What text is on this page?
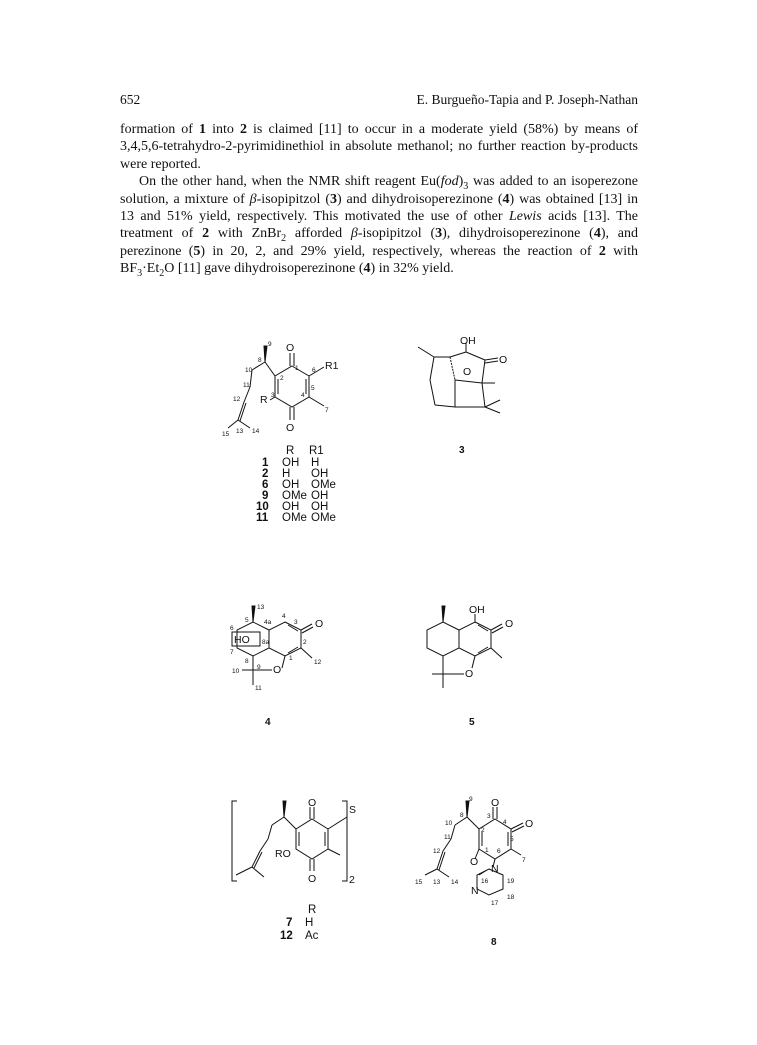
652	E. Burgueño-Tapia and P. Joseph-Nathan

formation of 1 into 2 is claimed [11] to occur in a moderate yield (58%) by means of 3,4,5,6-tetrahydro-2-pyrimidinethiol in absolute methanol; no further reaction by-products were reported.

On the other hand, when the NMR shift reagent $Eu(fod)_3$ was added to an isoperezone solution, a mixture of β-isopipitzol (3) and dihydroisoperezinone (4) was obtained [13] in 13 and 51% yield, respectively. This motivated the use of other Lewis acids [13]. The treatment of 2 with ZnBr$_2$ afforded β-isopipitzol (3), dihydroisoperezinone (4), and perezinone (5) in 20, 2, and 29% yield, respectively, whereas the reaction of 2 with $BF_3\cdot Et_2O$ [11] gave dihydroisoperezinone (4) in 32% yield.

O
O
R
R1
9
8
10	1 6
2
11
3
5
4
7
12
15 13 14
R R1
1 OH H
2 H OH
6 OH OMe
9 OMe OH
10 OH OH
11 OMe OMe
OH
O
O
3
O
O
HO
13
5 4a
4
3
6
8a	2
7
1
8
9
12
10
11
4
OH
O
O
5
O
O
RO
S
2
R
7 H
12 Ac
O
O
O
N
N
9
8	3
4
10
2
11	5
1 6
7
12
16	19
15 13 14
18
17
8
